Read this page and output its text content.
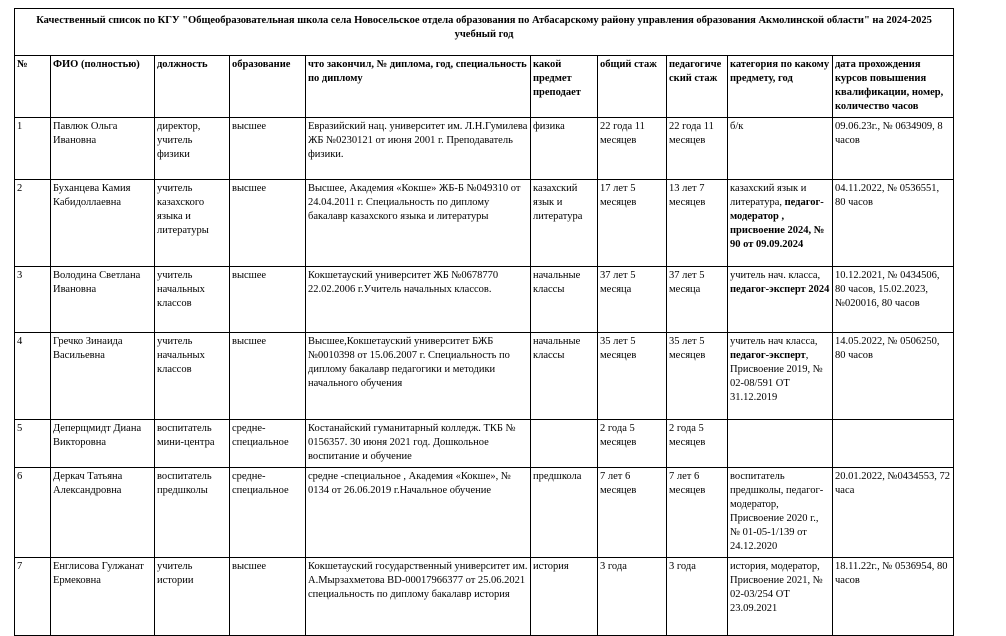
Качественный список по КГУ "Общеобразовательная школа села Новосельское отдела образования по Атбасарскому району управления образования Акмолинской области" на 2024-2025 учебный год									
№	ФИО (полностью)	должность	образование	что закончил, № диплома, год, специальность по диплому	какой предмет преподает	общий стаж	педагогический стаж	категория по какому предмету, год	дата прохождения курсов повышения квалификации, номер, количество часов
1	Павлюк Ольга Ивановна	директор, учитель физики	высшее	Евразийский нац. университет им. Л.Н.Гумилева ЖБ №0230121 от июня 2001 г. Преподаватель физики.	физика	22 года 11 месяцев	22 года 11 месяцев	б/к	09.06.23г., № 0634909, 8 часов
2	Буханцева Камия Кабидоллаевна	учитель казахского языка и литературы	высшее	Высшее, Академия «Кокше» ЖБ-Б №049310 от 24.04.2011 г. Специальность по диплому бакалавр казахского языка и литературы	казахский язык и литература	17 лет 5 месяцев	13 лет 7 месяцев	казахский язык и литература, педагог-модератор , присвоение 2024, № 90 от 09.09.2024	04.11.2022, № 0536551, 80 часов
3	Володина Светлана Ивановна	учитель начальных классов	высшее	Кокшетауский университет ЖБ №0678770 22.02.2006 г.Учитель начальных классов.	начальные классы	37 лет 5 месяца	37 лет 5 месяца	учитель нач. класса, педагог-эксперт 2024	10.12.2021, № 0434506, 80 часов, 15.02.2023, №020016, 80 часов
4	Гречко Зинаида Васильевна	учитель начальных классов	высшее	Высшее,Кокшетауский университет БЖБ №0010398 от 15.06.2007 г. Специальность по диплому бакалавр педагогики и методики начального обучения	начальные классы	35 лет 5 месяцев	35 лет 5 месяцев	учитель нач класса, педагог-эксперт, Присвоение 2019, № 02-08/591 ОТ 31.12.2019	14.05.2022, № 0506250, 80 часов
5	Деперщмидт Диана Викторовна	воспитатель мини-центра	средне-специальное	Костанайский гуманитарный колледж. ТКБ № 0156357. 30 июня 2021 год. Дошкольное воспитание и обучение		2 года 5 месяцев	2 года 5 месяцев		
6	Деркач Татьяна Александровна	воспитатель предшколы	средне-специальное	средне -специальное , Академия «Кокше», № 0134 от 26.06.2019 г.Начальное обучение	предшкола	7 лет 6 месяцев	7 лет 6 месяцев	воспитатель предшколы, педагог-модератор, Присвоение 2020 г., № 01-05-1/139 от 24.12.2020	20.01.2022, №0434553, 72 часа
7	Енглисова Гулжанат Ермековна	учитель истории	высшее	Кокшетауский государственный университет им. А.Мырзахметова BD-00017966377 от 25.06.2021 специальность по диплому бакалавр история	история	3 года	3 года	история, модератор, Присвоение 2021, № 02-03/254 ОТ 23.09.2021	18.11.22г., № 0536954, 80 часов
